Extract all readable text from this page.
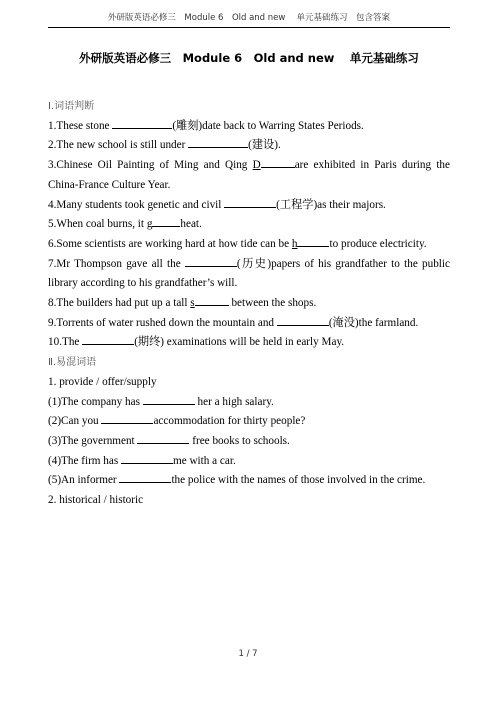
外研版英语必修三　Module 6　Old and new　 单元基础练习　包含答案
外研版英语必修三　Module 6　Old and new　 单元基础练习

Ⅰ.词语判断

1.These stone	(雕刻)date back to Warring States Periods.

2.The new school is still under	(建设).

3.Chinese Oil Painting of Ming and Qing D	are exhibited in Paris during the

China-France Culture Year.

4.Many students took genetic and civil	(工程学)as their majors.

5.When coal burns, it g	heat.

6.Some scientists are working hard at how tide can be h	to produce electricity.

7.Mr Thompson gave all the	(历史)papers of his grandfather to the public

library according to his grandfather’s will.

8.The builders had put up a tall s	between the shops.

9.Torrents of water rushed down the mountain and	(淹没)the farmland.

10.The	(期终) examinations will be held in early May.

Ⅱ.易混词语

1. provide / offer/supply

(1)The company has	her a high salary.

(2)Can you	accommodation for thirty people?

(3)The government	free books to schools.

(4)The firm has	me with a car.

(5)An informer	the police with the names of those involved in the crime.

2. historical / historic

1 / 7
